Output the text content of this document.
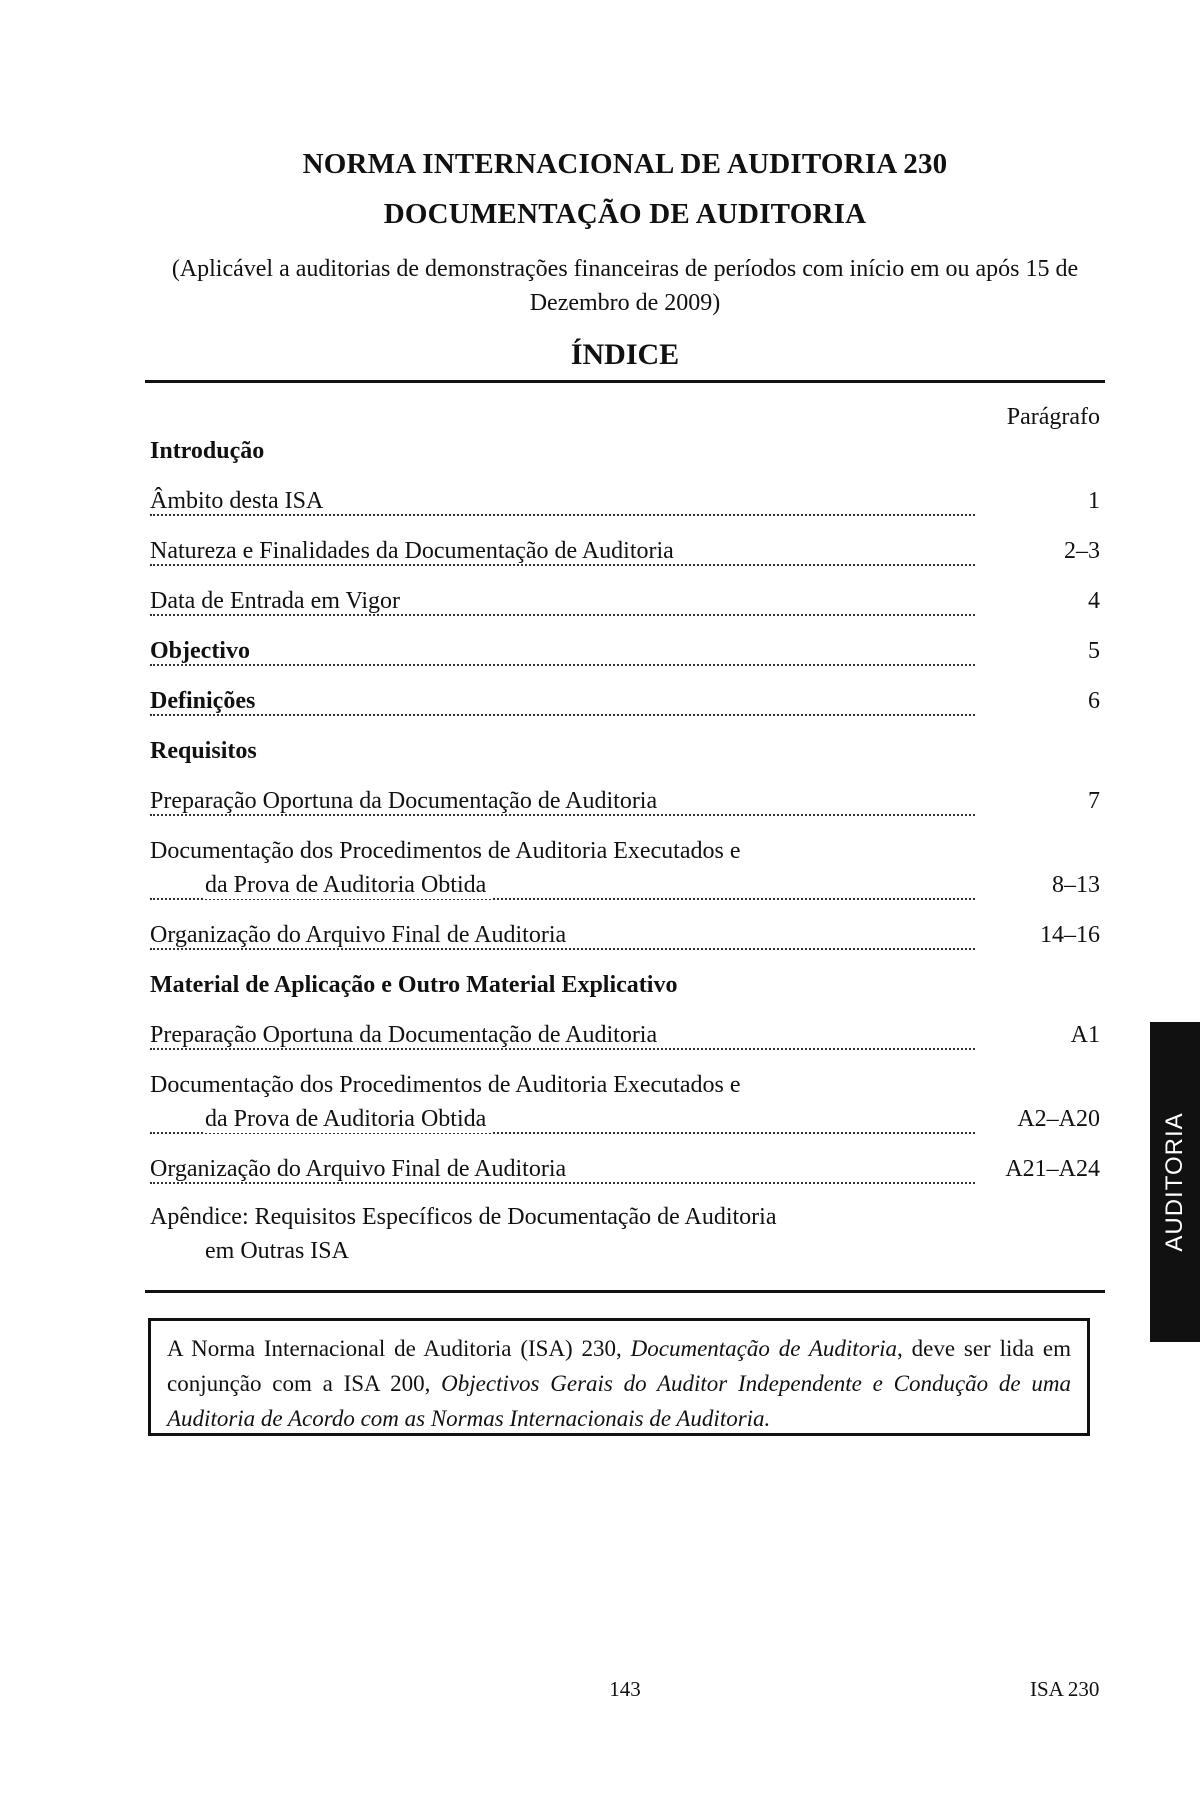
NORMA INTERNACIONAL DE AUDITORIA 230
DOCUMENTAÇÃO DE AUDITORIA
(Aplicável a auditorias de demonstrações financeiras de períodos com início em ou após 15 de Dezembro de 2009)
ÍNDICE
Parágrafo
Introdução
Âmbito desta ISA	1
Natureza e Finalidades da Documentação de Auditoria	2–3
Data de Entrada em Vigor	4
Objectivo	5
Definições	6
Requisitos
Preparação Oportuna da Documentação de Auditoria	7
Documentação dos Procedimentos de Auditoria Executados e
da Prova de Auditoria Obtida	8–13
Organização do Arquivo Final de Auditoria	14–16
Material de Aplicação e Outro Material Explicativo
Preparação Oportuna da Documentação de Auditoria	A1
Documentação dos Procedimentos de Auditoria Executados e
da Prova de Auditoria Obtida	A2–A20
Organização do Arquivo Final de Auditoria	A21–A24
Apêndice: Requisitos Específicos de Documentação de Auditoria
em Outras ISA
A Norma Internacional de Auditoria (ISA) 230, Documentação de Auditoria, deve ser lida em conjunção com a ISA 200, Objectivos Gerais do Auditor Independente e Condução de uma Auditoria de Acordo com as Normas Internacionais de Auditoria.
AUDITORIA
143	ISA 230
